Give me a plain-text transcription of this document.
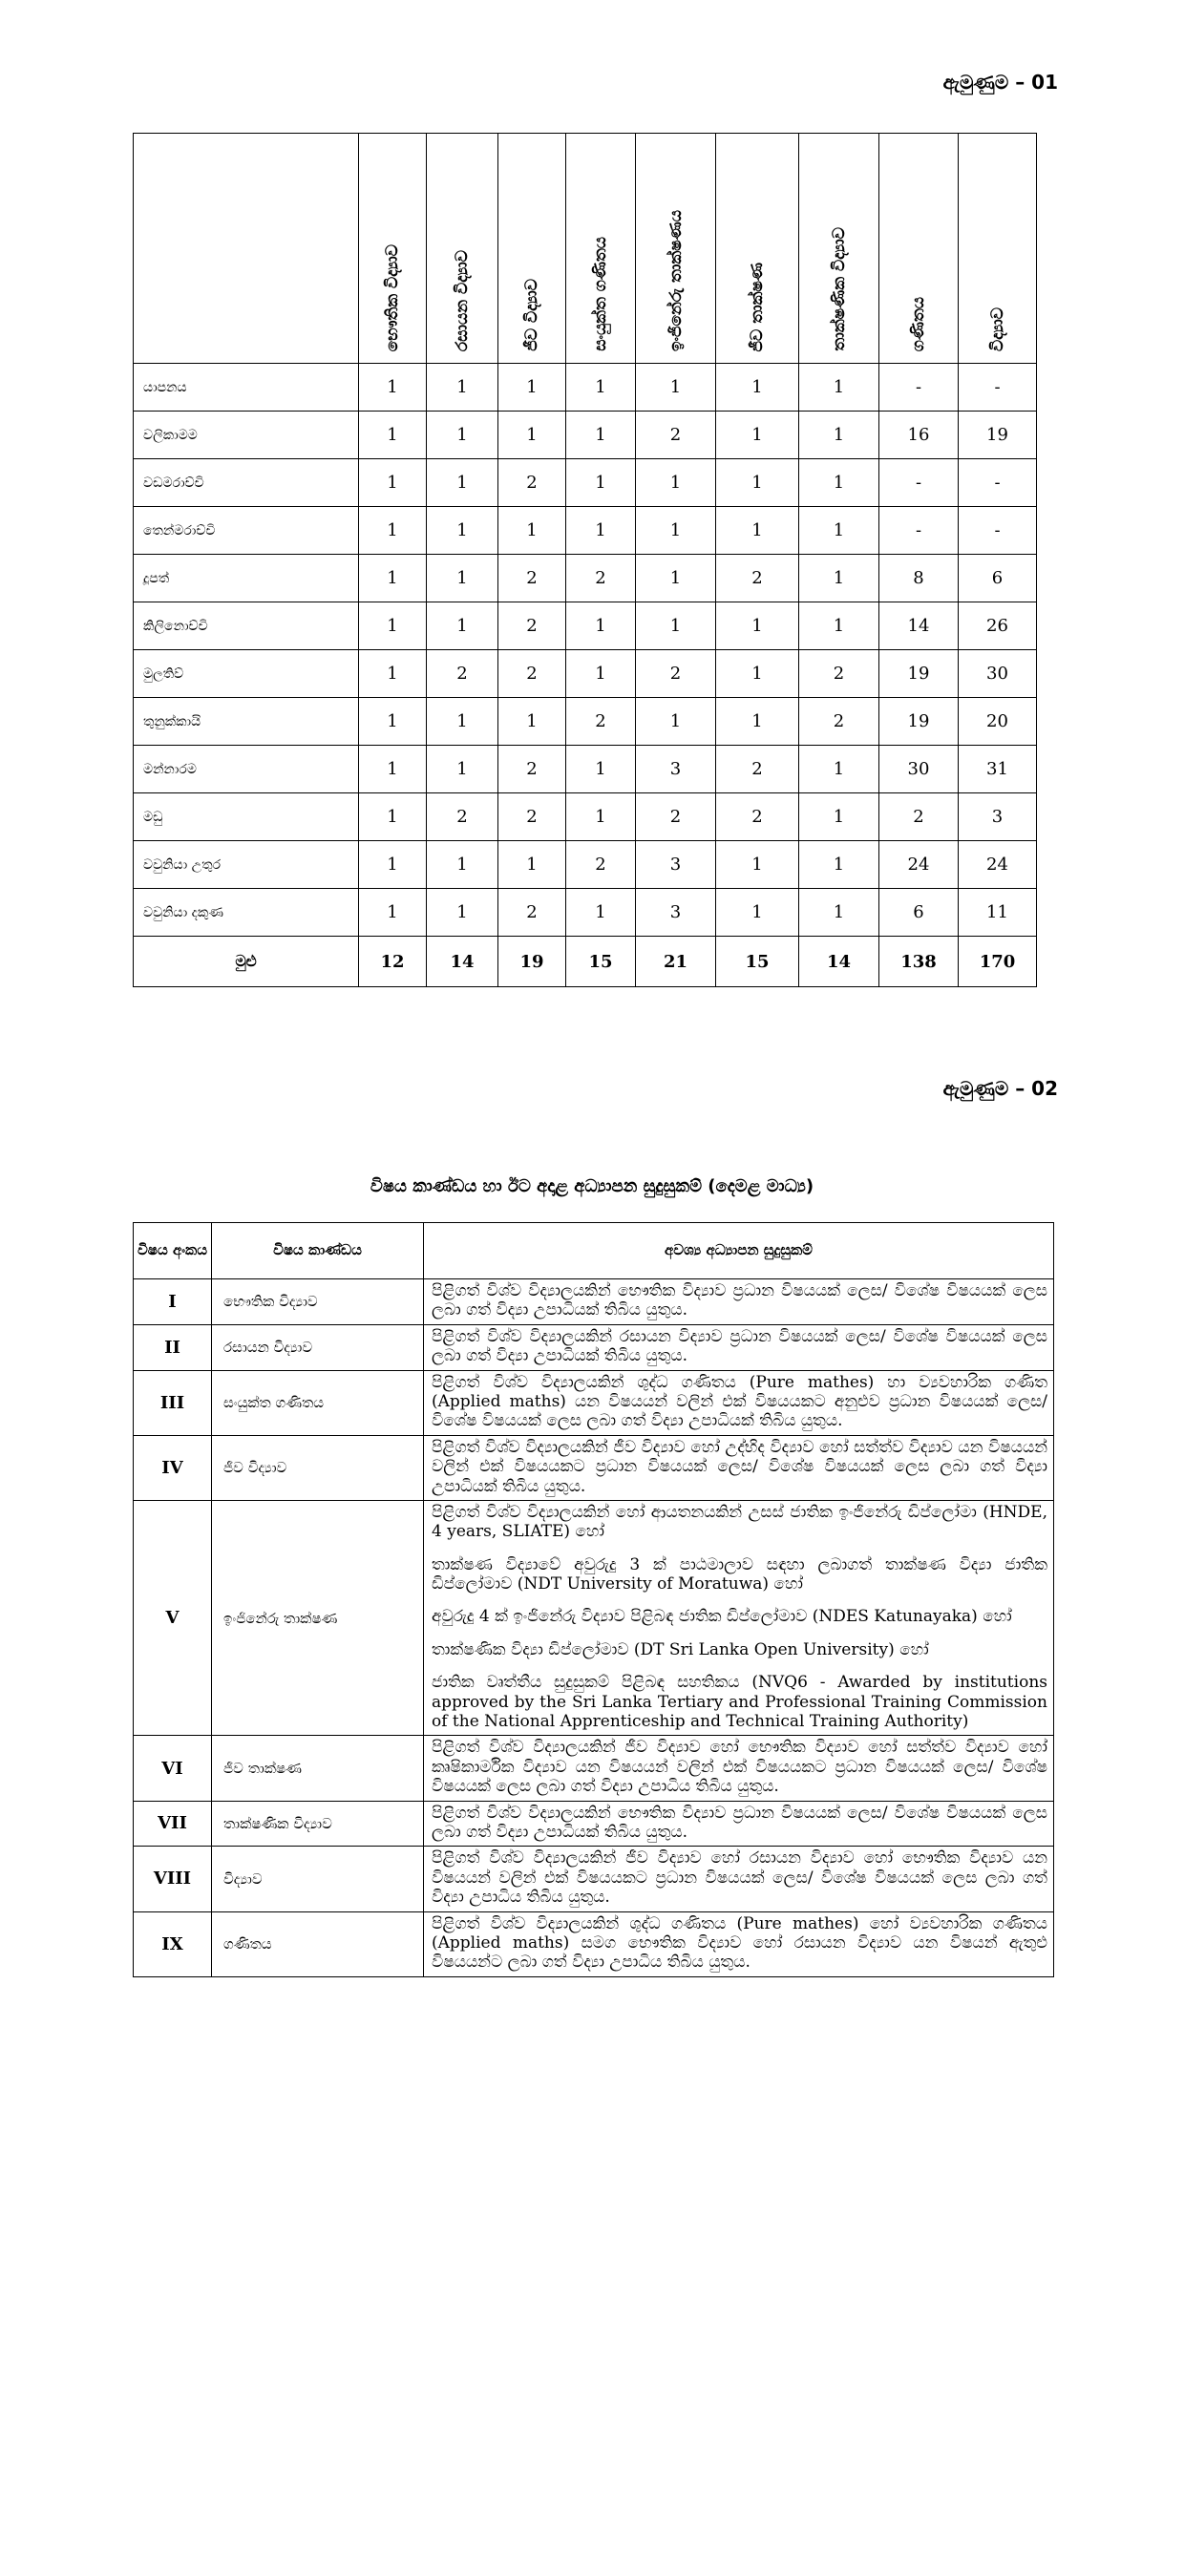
ඇමුණුම – 01

	භෞතික විද්‍යාව	රසායන විද්‍යාව	ජීව විද්‍යාව	සංයුක්ත ගණිතය	ඉංජිනේරු තාක්ෂණය	ජීව තාක්ෂණ	තාක්ෂණික විද්‍යාව	ගණිතය	විද්‍යාව

යාපනය	1	1	1	1	1	1	1	-	-
වලිකාමම	1	1	1	1	2	1	1	16	19
වඩමරාච්චි	1	1	2	1	1	1	1	-	-
තෙන්මරාච්චි	1	1	1	1	1	1	1	-	-
දූපත්	1	1	2	2	1	2	1	8	6
කිලිනොච්චි	1	1	2	1	1	1	1	14	26
මුලතිව්	1	2	2	1	2	1	2	19	30
තුනුක්කායි	1	1	1	2	1	1	2	19	20
මන්නාරම	1	1	2	1	3	2	1	30	31
මඩු	1	2	2	1	2	2	1	2	3
වවුනියා උතුර	1	1	1	2	3	1	1	24	24
වවුනියා දකුණ	1	1	2	1	3	1	1	6	11
මුළු	12	14	19	15	21	15	14	138	170
ඇමුණුම – 02
විෂය කාණ්ඩය හා ඊට අදාළ අධ්‍යාපන සුදුසුකම් (දෙමළ මාධ්‍ය)
විෂය අංකය	විෂය කාණ්ඩය	අවශ්‍ය අධ්‍යාපන සුදුසුකම්
I	භෞතික විද්‍යාව	පිළිගත් විශ්ව විද්‍යාලයකින් භෞතික විද්‍යාව ප්‍රධාන විෂයයක් ලෙස/ විශේෂ විෂයයක් ලෙස ලබා ගත් විද්‍යා උපාධියක් තිබිය යුතුය.

II	රසායන විද්‍යාව	පිළිගත් විශ්ව විද්‍යාලයකින් රසායන විද්‍යාව ප්‍රධාන විෂයයක් ලෙස/ විශේෂ විෂයයක් ලෙස ලබා ගත් විද්‍යා උපාධියක් තිබිය යුතුය.

III	සංයුක්ත ගණිතය	පිළිගත් විශ්ව විද්‍යාලයකින් ශුද්ධ ගණිතය (Pure mathes) හා ව්‍යවහාරික ගණිත (Applied maths) යන විෂයයන් වලින් එක් විෂයයකට අනුළුව ප්‍රධාන විෂයයක් ලෙස/ විශේෂ විෂයයක් ලෙස ලබා ගත් විද්‍යා උපාධියක් තිබිය යුතුය.

IV	ජීව විද්‍යාව	පිළිගත් විශ්ව විද්‍යාලයකින් ජීව විද්‍යාව හෝ උද්භිද විද්‍යාව හෝ සත්ත්ව විද්‍යාව යන විෂයයන් වලින් එක් විෂයයකට ප්‍රධාන විෂයයක් ලෙස/ විශේෂ විෂයයක් ලෙස ලබා ගත් විද්‍යා උපාධියක් තිබිය යුතුය.

V	ඉංජිනේරු තාක්ෂණ	පිළිගත් විශ්ව විද්‍යාලයකින් හෝ ආයතනයකින් උසස් ජාතික ඉංජිනේරු ඩිප්ලෝමා (HNDE, 4 years, SLIATE) හෝ
තාක්ෂණ විද්‍යාවේ අවුරුදු 3 ක් පාඨමාලාව සඳහා ලබාගත් තාක්ෂණ විද්‍යා ජාතික ඩිප්ලෝමාව (NDT University of Moratuwa) හෝ
අවුරුදු 4 ක් ඉංජිනේරු විද්‍යාව පිළිබඳ ජාතික ඩිප්ලෝමාව (NDES Katunayaka) හෝ
තාක්ෂණික විද්‍යා ඩිප්ලෝමාව (DT Sri Lanka Open University) හෝ
ජාතික වෘත්තීය සුදුසුකම් පිළිබඳ සහතිකය (NVQ6 - Awarded by institutions approved by the Sri Lanka Tertiary and Professional Training Commission of the National Apprenticeship and Technical Training Authority)

VI	ජීව තාක්ෂණ	පිළිගත් විශ්ව විද්‍යාලයකින් ජීව විද්‍යාව හෝ භෞතික විද්‍යාව හෝ සත්ත්ව විද්‍යාව හෝ කෘෂිකාර්මික විද්‍යාව යන විෂයයන් වලින් එක් විෂයයකට ප්‍රධාන විෂයයක් ලෙස/ විශේෂ විෂයයක් ලෙස ලබා ගත් විද්‍යා උපාධිය තිබිය යුතුය.

VII	තාක්ෂණික විද්‍යාව	පිළිගත් විශ්ව විද්‍යාලයකින් භෞතික විද්‍යාව ප්‍රධාන විෂයයක් ලෙස/ විශේෂ විෂයයක් ලෙස ලබා ගත් විද්‍යා උපාධියක් තිබිය යුතුය.

VIII	විද්‍යාව	පිළිගත් විශ්ව විද්‍යාලයකින් ජීව විද්‍යාව හෝ රසායන විද්‍යාව හෝ භෞතික විද්‍යාව යන විෂයයන් වලින් එක් විෂයයකට ප්‍රධාන විෂයයක් ලෙස/ විශේෂ විෂයයක් ලෙස ලබා ගත් විද්‍යා උපාධිය තිබිය යුතුය.

IX	ගණිතය	පිළිගත් විශ්ව විද්‍යාලයකින් ශුද්ධ ගණිතය (Pure mathes) හෝ ව්‍යවහාරික ගණිතය (Applied maths) සමග භෞතික විද්‍යාව හෝ රසායන විද්‍යාව යන විෂයන් ඇතුළු විෂයයන්ට ලබා ගත් විද්‍යා උපාධිය තිබිය යුතුය.
